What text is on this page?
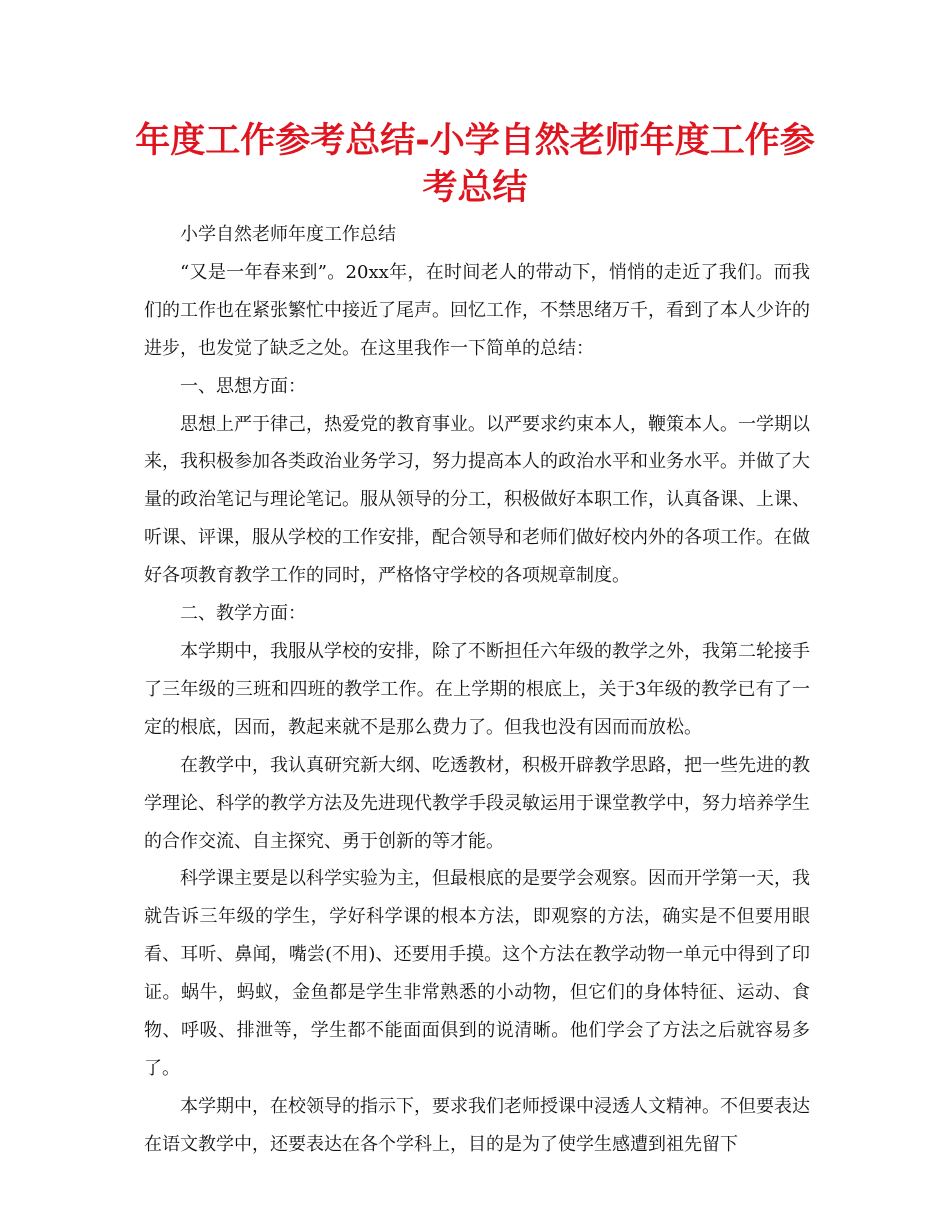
年度工作参考总结-小学自然老师年度工作参考总结

小学自然老师年度工作总结

“又是一年春来到”。20xx年，在时间老人的带动下，悄悄的走近了我们。而我们的工作也在紧张繁忙中接近了尾声。回忆工作，不禁思绪万千，看到了本人少许的进步，也发觉了缺乏之处。在这里我作一下简单的总结：

一、思想方面：

思想上严于律己，热爱党的教育事业。以严要求约束本人，鞭策本人。一学期以来，我积极参加各类政治业务学习，努力提高本人的政治水平和业务水平。并做了大量的政治笔记与理论笔记。服从领导的分工，积极做好本职工作，认真备课、上课、听课、评课，服从学校的工作安排，配合领导和老师们做好校内外的各项工作。在做好各项教育教学工作的同时，严格恪守学校的各项规章制度。

二、教学方面：

本学期中，我服从学校的安排，除了不断担任六年级的教学之外，我第二轮接手了三年级的三班和四班的教学工作。在上学期的根底上，关于3年级的教学已有了一定的根底，因而，教起来就不是那么费力了。但我也没有因而而放松。

在教学中，我认真研究新大纲、吃透教材，积极开辟教学思路，把一些先进的教学理论、科学的教学方法及先进现代教学手段灵敏运用于课堂教学中，努力培养学生的合作交流、自主探究、勇于创新的等才能。

科学课主要是以科学实验为主，但最根底的是要学会观察。因而开学第一天，我就告诉三年级的学生，学好科学课的根本方法，即观察的方法，确实是不但要用眼看、耳听、鼻闻，嘴尝(不用)、还要用手摸。这个方法在教学动物一单元中得到了印证。蜗牛，蚂蚁，金鱼都是学生非常熟悉的小动物，但它们的身体特征、运动、食物、呼吸、排泄等，学生都不能面面俱到的说清晰。他们学会了方法之后就容易多了。

本学期中，在校领导的指示下，要求我们老师授课中浸透人文精神。不但要表达在语文教学中，还要表达在各个学科上，目的是为了使学生感遭到祖先留下
